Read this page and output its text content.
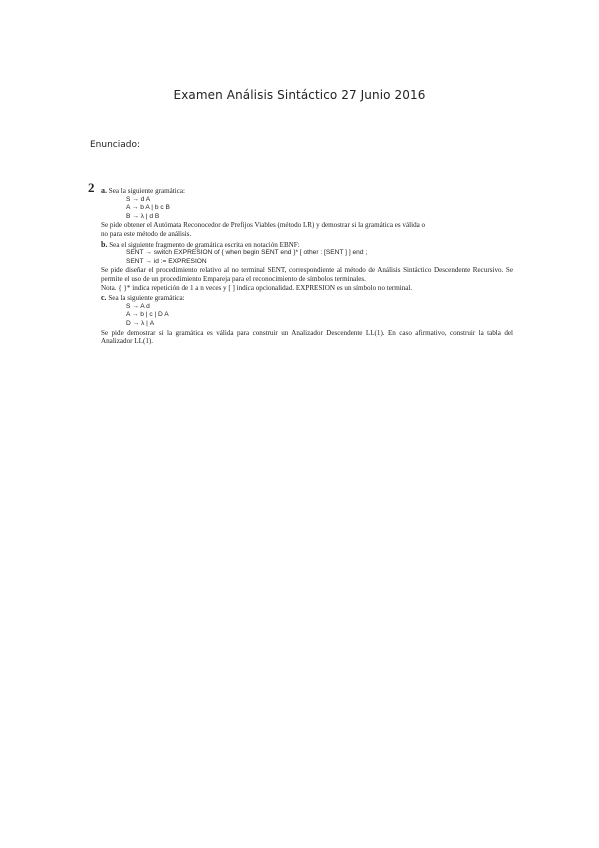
Examen Análisis Sintáctico 27 Junio 2016
Enunciado:
2 a. Sea la siguiente gramática:
S → d A
A → b A | b c B
B → λ | d B
Se pide obtener el Autómata Reconocedor de Prefijos Viables (método LR) y demostrar si la gramática es válida o
no para este método de análisis.
b. Sea el siguiente fragmento de gramática escrita en notación EBNF:
SENT → switch EXPRESION of { when begin SENT end }* [ other : [SENT ] ] end ;
SENT → id := EXPRESION
Se pide diseñar el procedimiento relativo al no terminal SENT, correspondiente al método de Análisis Sintáctico Descendente Recursivo. Se permite el uso de un procedimiento Empareja para el reconocimiento de símbolos terminales.
Nota. { }* indica repetición de 1 a n veces y [ ] indica opcionalidad. EXPRESION es un símbolo no terminal.
c. Sea la siguiente gramática:
S → A d
A → b | c | D A
D → λ | A
Se pide demostrar si la gramática es válida para construir un Analizador Descendente LL(1). En caso afirmativo, construir la tabla del Analizador LL(1).
